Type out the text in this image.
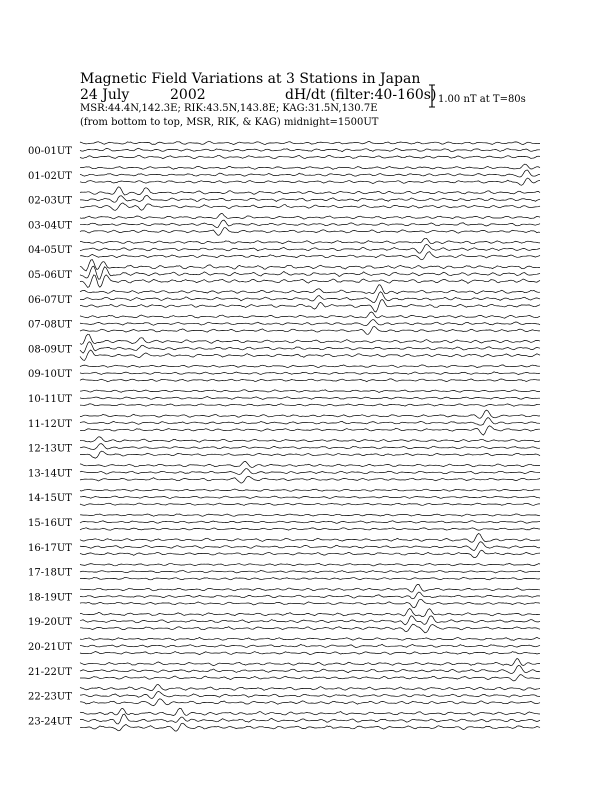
Magnetic Field Variations at 3 Stations in Japan
24 July	2002	dH/dt (filter:40-160s)
MSR:44.4N,142.3E; RIK:43.5N,143.8E; KAG:31.5N,130.7E
(from bottom to top, MSR, RIK, & KAG) midnight=1500UT
1.00 nT at T=80s
00-01UT
01-02UT
02-03UT
03-04UT
04-05UT
05-06UT
06-07UT
07-08UT
08-09UT
09-10UT
10-11UT
11-12UT
12-13UT
13-14UT
14-15UT
15-16UT
16-17UT
17-18UT
18-19UT
19-20UT
20-21UT
21-22UT
22-23UT
23-24UT
